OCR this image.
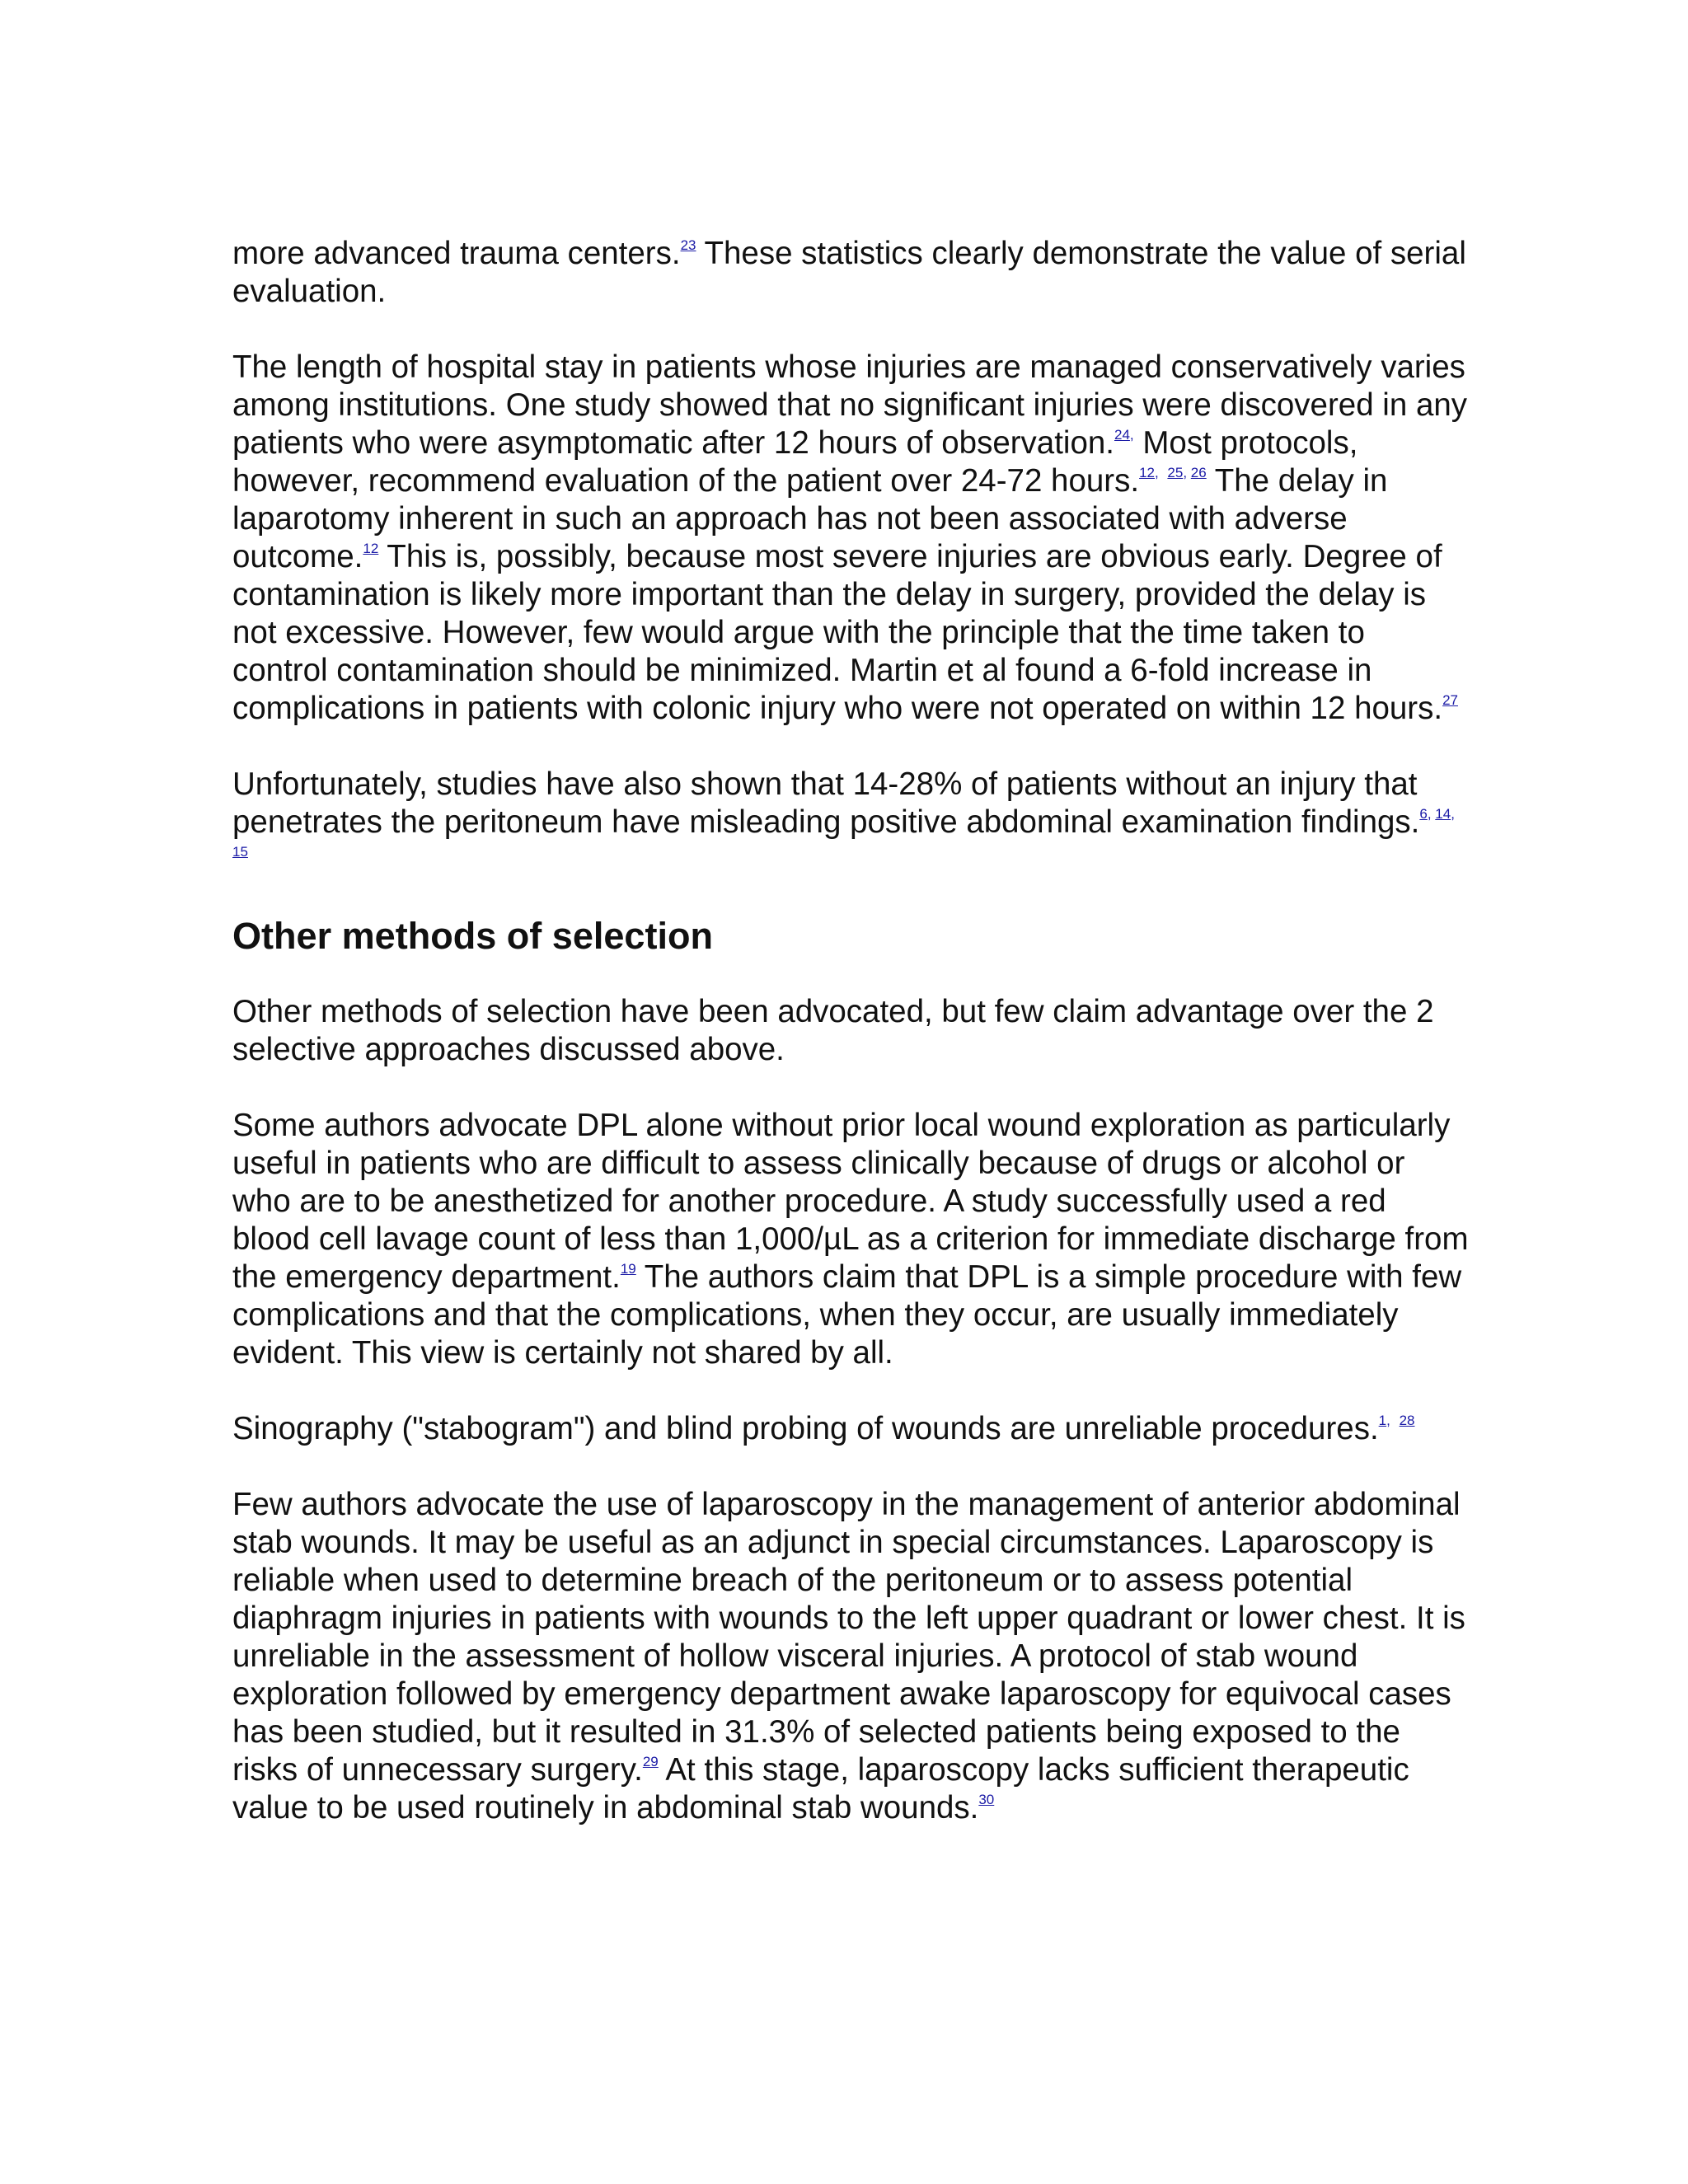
more advanced trauma centers.$^{23}$ These statistics clearly demonstrate the value of serial evaluation.

The length of hospital stay in patients whose injuries are managed conservatively varies among institutions. One study showed that no significant injuries were discovered in any patients who were asymptomatic after 12 hours of observation.$^{24,}$ Most protocols, however, recommend evaluation of the patient over 24-72 hours.$^{12,}$ $^{25,}$ $^{26}$ The delay in laparotomy inherent in such an approach has not been associated with adverse outcome.$^{12}$ This is, possibly, because most severe injuries are obvious early. Degree of contamination is likely more important than the delay in surgery, provided the delay is not excessive. However, few would argue with the principle that the time taken to control contamination should be minimized. Martin et al found a 6-fold increase in complications in patients with colonic injury who were not operated on within 12 hours.$^{27}$

Unfortunately, studies have also shown that 14-28% of patients without an injury that penetrates the peritoneum have misleading positive abdominal examination findings.$^{6,}$ $^{14,}$ $^{15}$

Other methods of selection

Other methods of selection have been advocated, but few claim advantage over the 2 selective approaches discussed above.

Some authors advocate DPL alone without prior local wound exploration as particularly useful in patients who are difficult to assess clinically because of drugs or alcohol or who are to be anesthetized for another procedure. A study successfully used a red blood cell lavage count of less than 1,000/µL as a criterion for immediate discharge from the emergency department.$^{19}$ The authors claim that DPL is a simple procedure with few complications and that the complications, when they occur, are usually immediately evident. This view is certainly not shared by all.

Sinography ("stabogram") and blind probing of wounds are unreliable procedures.$^{1,}$ $^{28}$

Few authors advocate the use of laparoscopy in the management of anterior abdominal stab wounds. It may be useful as an adjunct in special circumstances. Laparoscopy is reliable when used to determine breach of the peritoneum or to assess potential diaphragm injuries in patients with wounds to the left upper quadrant or lower chest. It is unreliable in the assessment of hollow visceral injuries. A protocol of stab wound exploration followed by emergency department awake laparoscopy for equivocal cases has been studied, but it resulted in 31.3% of selected patients being exposed to the risks of unnecessary surgery.$^{29}$ At this stage, laparoscopy lacks sufficient therapeutic value to be used routinely in abdominal stab wounds.$^{30}$
